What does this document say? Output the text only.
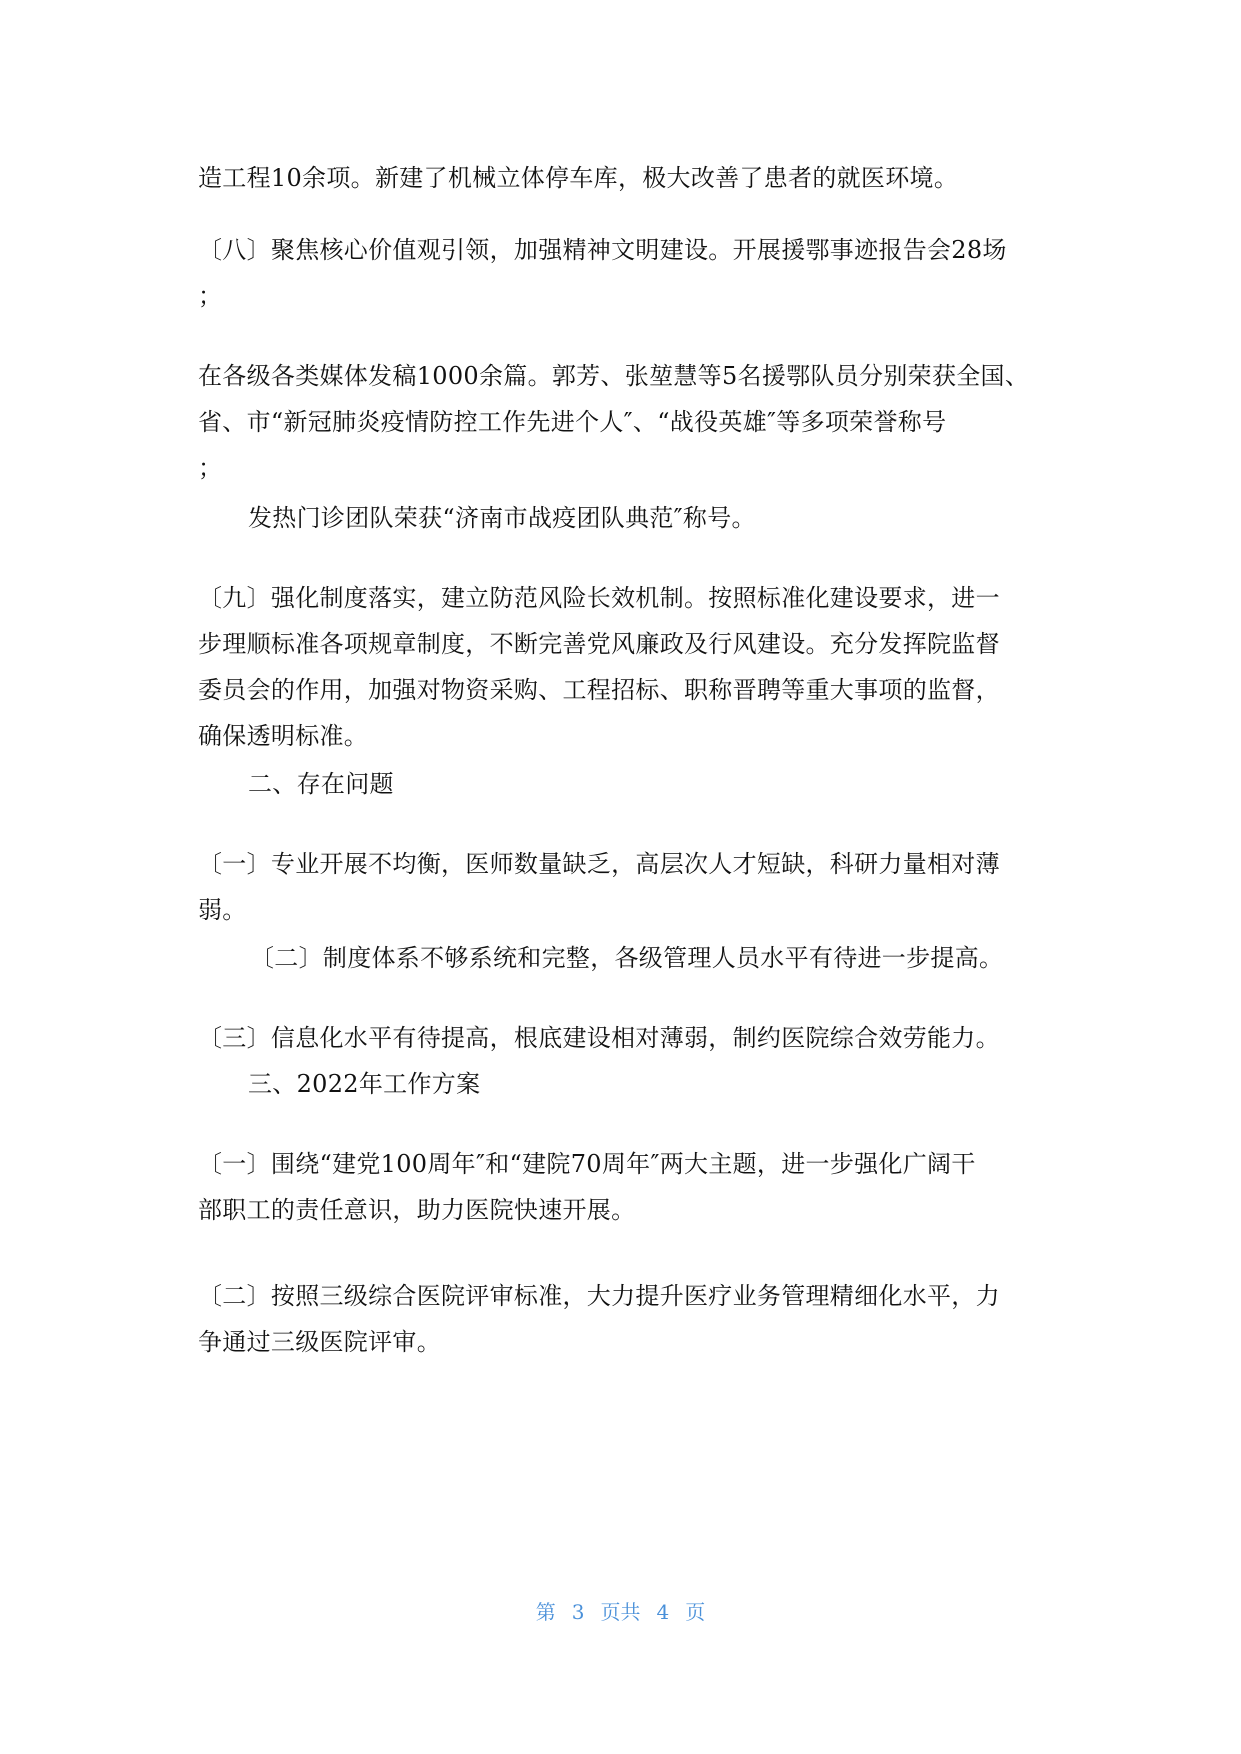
造工程10余项。新建了机械立体停车库，极大改善了患者的就医环境。
〔八〕聚焦核心价值观引领，加强精神文明建设。开展援鄂事迹报告会28场
；
在各级各类媒体发稿1000余篇。郭芳、张堃慧等5名援鄂队员分别荣获全国、
省、市“新冠肺炎疫情防控工作先进个人″、“战役英雄″等多项荣誉称号
；
发热门诊团队荣获“济南市战疫团队典范″称号。
〔九〕强化制度落实，建立防范风险长效机制。按照标准化建设要求，进一
步理顺标准各项规章制度，不断完善党风廉政及行风建设。充分发挥院监督
委员会的作用，加强对物资采购、工程招标、职称晋聘等重大事项的监督，
确保透明标准。
二、存在问题
〔一〕专业开展不均衡，医师数量缺乏，高层次人才短缺，科研力量相对薄
弱。
〔二〕制度体系不够系统和完整，各级管理人员水平有待进一步提高。
〔三〕信息化水平有待提高，根底建设相对薄弱，制约医院综合效劳能力。
三、2022年工作方案
〔一〕围绕“建党100周年″和“建院70周年″两大主题，进一步强化广阔干
部职工的责任意识，助力医院快速开展。
〔二〕按照三级综合医院评审标准，大力提升医疗业务管理精细化水平，力
争通过三级医院评审。
第 3 页共 4 页
